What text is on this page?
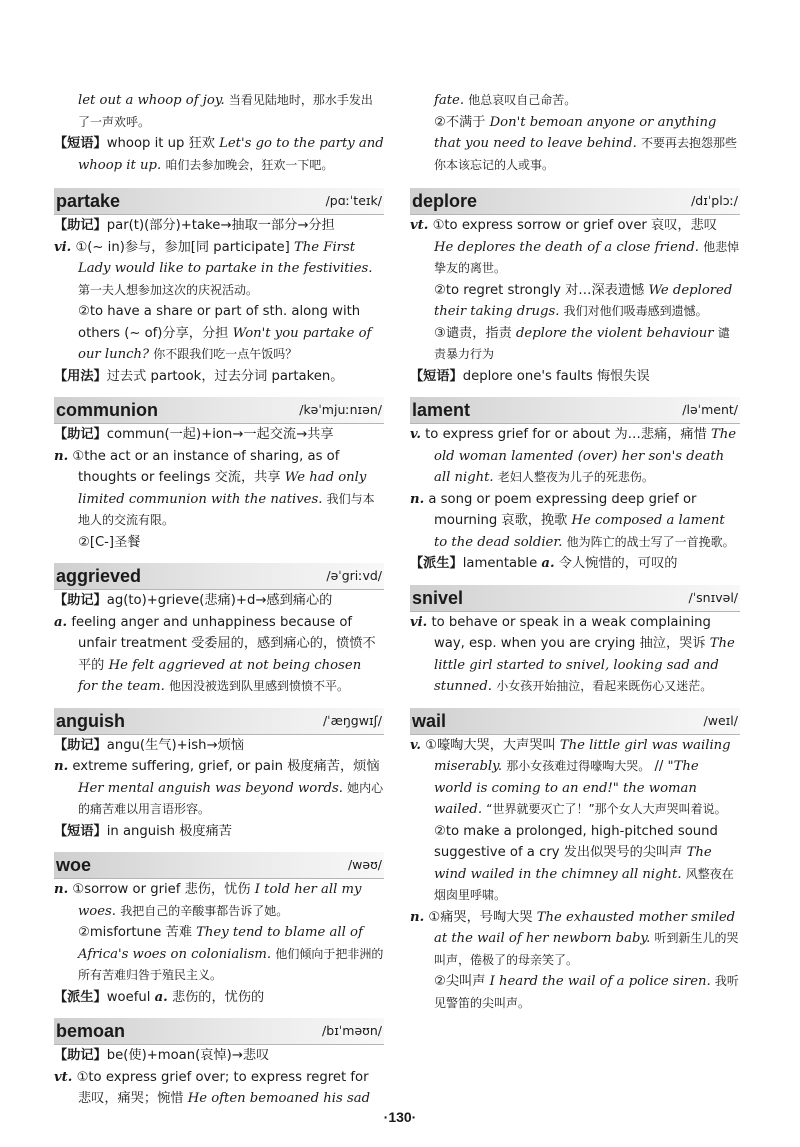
let out a whoop of joy. 当看见陆地时，那水手发出了一声欢呼。
【短语】whoop it up 狂欢 Let's go to the party and whoop it up. 咱们去参加晚会，狂欢一下吧。
partake	/pɑːˈteɪk/
【助记】par(t)(部分)+take→抽取一部分→分担
vi. ①(~ in)参与，参加[同 participate] The First Lady would like to partake in the festivities. 第一夫人想参加这次的庆祝活动。
②to have a share or part of sth. along with others (~ of)分享，分担 Won't you partake of our lunch? 你不跟我们吃一点午饭吗？
【用法】过去式 partook，过去分词 partaken。
communion	/kəˈmjuːnɪən/
【助记】commun(一起)+ion→一起交流→共享
n. ①the act or an instance of sharing, as of thoughts or feelings 交流，共享 We had only limited communion with the natives. 我们与本地人的交流有限。
②[C-]圣餐
aggrieved	/əˈgriːvd/
【助记】ag(to)+grieve(悲痛)+d→感到痛心的
a. feeling anger and unhappiness because of unfair treatment 受委屈的，感到痛心的，愤愤不平的 He felt aggrieved at not being chosen for the team. 他因没被选到队里感到愤愤不平。
anguish	/ˈæŋgwɪʃ/
【助记】angu(生气)+ish→烦恼
n. extreme suffering, grief, or pain 极度痛苦，烦恼 Her mental anguish was beyond words. 她内心的痛苦难以用言语形容。
【短语】in anguish 极度痛苦
woe	/wəʊ/
n. ①sorrow or grief 悲伤，忧伤 I told her all my woes. 我把自己的辛酸事都告诉了她。
②misfortune 苦难 They tend to blame all of Africa's woes on colonialism. 他们倾向于把非洲的所有苦难归咎于殖民主义。
【派生】woeful a. 悲伤的，忧伤的
bemoan	/bɪˈməʊn/
【助记】be(使)+moan(哀悼)→悲叹
vt. ①to express grief over; to express regret for 悲叹，痛哭；惋惜 He often bemoaned his sad
fate. 他总哀叹自己命苦。
②不满于 Don't bemoan anyone or anything that you need to leave behind. 不要再去抱怨那些你本该忘记的人或事。
deplore	/dɪˈplɔː/
vt. ①to express sorrow or grief over 哀叹，悲叹 He deplores the death of a close friend. 他悲悼挚友的离世。
②to regret strongly 对…深表遗憾 We deplored their taking drugs. 我们对他们吸毒感到遗憾。
③谴责，指责 deplore the violent behaviour 谴责暴力行为
【短语】deplore one's faults 悔恨失误
lament	/ləˈment/
v. to express grief for or about 为…悲痛，痛惜 The old woman lamented (over) her son's death all night. 老妇人整夜为儿子的死悲伤。
n. a song or poem expressing deep grief or mourning 哀歌，挽歌 He composed a lament to the dead soldier. 他为阵亡的战士写了一首挽歌。
【派生】lamentable a. 令人惋惜的，可叹的
snivel	/ˈsnɪvəl/
vi. to behave or speak in a weak complaining way, esp. when you are crying 抽泣，哭诉 The little girl started to snivel, looking sad and stunned. 小女孩开始抽泣，看起来既伤心又迷茫。
wail	/weɪl/
v. ①嚎啕大哭，大声哭叫 The little girl was wailing miserably. 那小女孩难过得嚎啕大哭。 // "The world is coming to an end!" the woman wailed. “世界就要灭亡了！”那个女人大声哭叫着说。
②to make a prolonged, high-pitched sound suggestive of a cry 发出似哭号的尖叫声 The wind wailed in the chimney all night. 风整夜在烟囱里呼啸。
n. ①痛哭，号啕大哭 The exhausted mother smiled at the wail of her newborn baby. 听到新生儿的哭叫声，倦极了的母亲笑了。
②尖叫声 I heard the wail of a police siren. 我听见警笛的尖叫声。
·130·
